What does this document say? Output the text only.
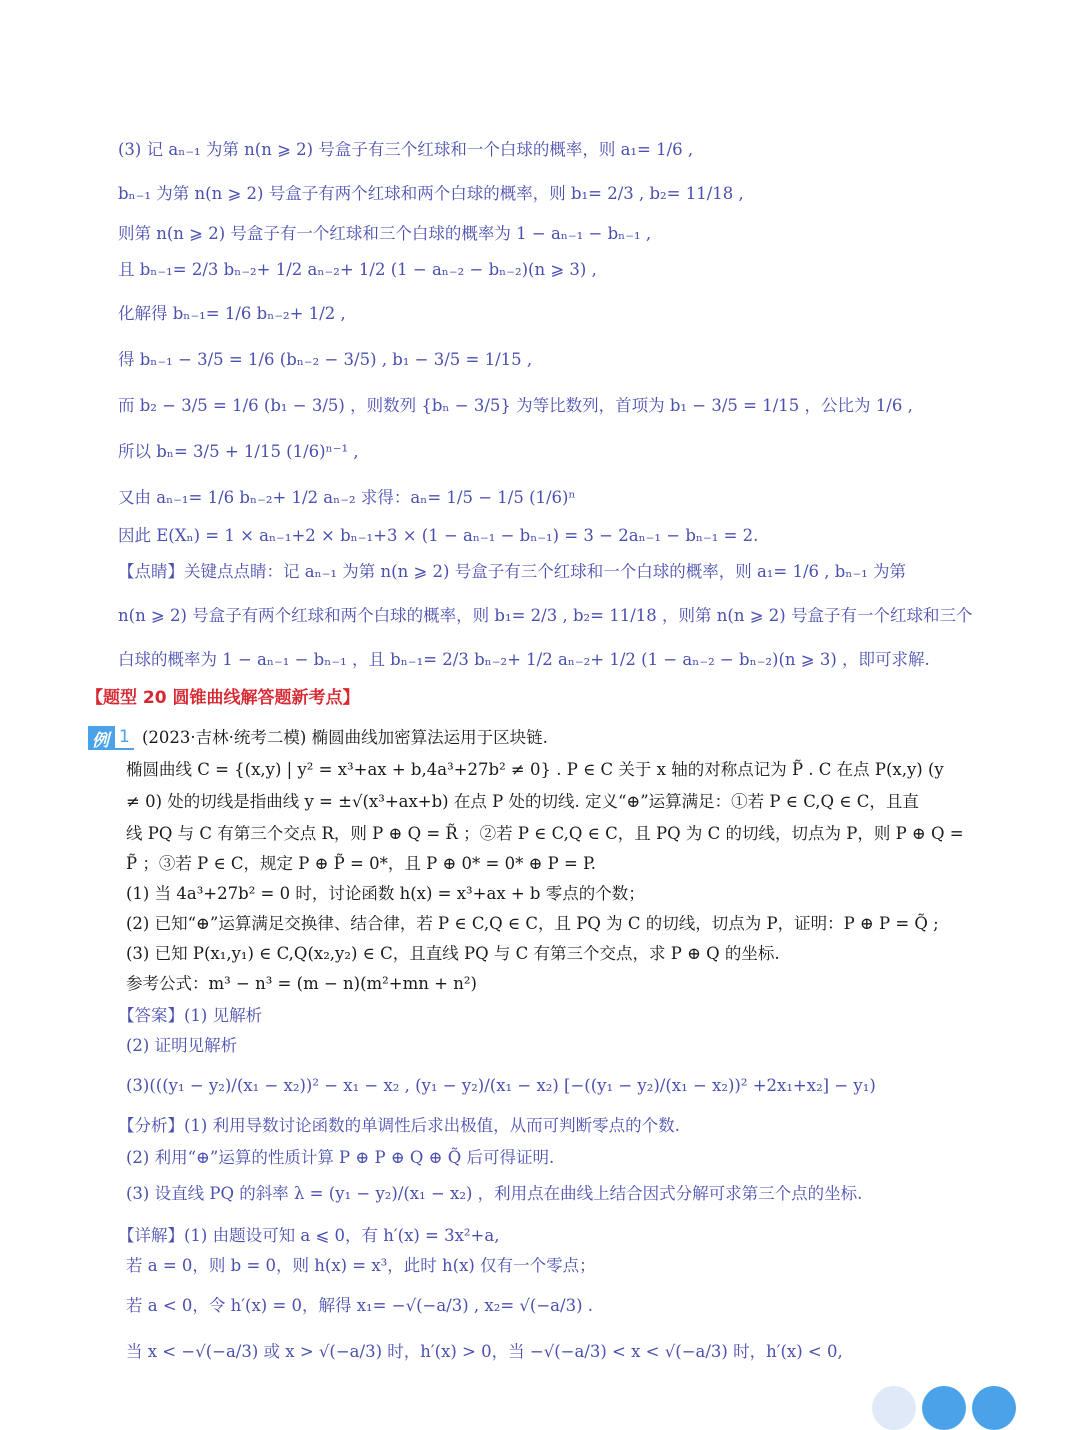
(3) 记 aₙ₋₁ 为第 n(n ⩾ 2) 号盒子有三个红球和一个白球的概率，则 a₁= 1/6 ,
bₙ₋₁ 为第 n(n ⩾ 2) 号盒子有两个红球和两个白球的概率，则 b₁= 2/3 , b₂= 11/18 ,
则第 n(n ⩾ 2) 号盒子有一个红球和三个白球的概率为 1 − aₙ₋₁ − bₙ₋₁ ,
且 bₙ₋₁= 2/3 bₙ₋₂+ 1/2 aₙ₋₂+ 1/2 (1 − aₙ₋₂ − bₙ₋₂)(n ⩾ 3) ,
化解得 bₙ₋₁= 1/6 bₙ₋₂+ 1/2 ,
得 bₙ₋₁ − 3/5 = 1/6 (bₙ₋₂ − 3/5) , b₁ − 3/5 = 1/15 ,
而 b₂ − 3/5 = 1/6 (b₁ − 3/5) ，则数列 {bₙ − 3/5} 为等比数列，首项为 b₁ − 3/5 = 1/15 ，公比为 1/6 ,
所以 bₙ= 3/5 + 1/15 (1/6)ⁿ⁻¹ ,
又由 aₙ₋₁= 1/6 bₙ₋₂+ 1/2 aₙ₋₂ 求得：aₙ= 1/5 − 1/5 (1/6)ⁿ
因此 E(Xₙ) = 1 × aₙ₋₁+2 × bₙ₋₁+3 × (1 − aₙ₋₁ − bₙ₋₁) = 3 − 2aₙ₋₁ − bₙ₋₁ = 2.
【点睛】关键点点睛：记 aₙ₋₁ 为第 n(n ⩾ 2) 号盒子有三个红球和一个白球的概率，则 a₁= 1/6 , bₙ₋₁ 为第
n(n ⩾ 2) 号盒子有两个红球和两个白球的概率，则 b₁= 2/3 , b₂= 11/18 ，则第 n(n ⩾ 2) 号盒子有一个红球和三个
白球的概率为 1 − aₙ₋₁ − bₙ₋₁ ，且 bₙ₋₁= 2/3 bₙ₋₂+ 1/2 aₙ₋₂+ 1/2 (1 − aₙ₋₂ − bₙ₋₂)(n ⩾ 3) ，即可求解.
【题型 20 圆锥曲线解答题新考点】
例 1 (2023·吉林·统考二模) 椭圆曲线加密算法运用于区块链.
椭圆曲线 C = {(x,y) | y² = x³+ax + b,4a³+27b² ≠ 0} . P ∈ C 关于 x 轴的对称点记为 P̃ . C 在点 P(x,y) (y
≠ 0) 处的切线是指曲线 y = ±√(x³+ax+b) 在点 P 处的切线. 定义“⊕”运算满足：①若 P ∈ C,Q ∈ C，且直
线 PQ 与 C 有第三个交点 R，则 P ⊕ Q = R̃ ；②若 P ∈ C,Q ∈ C，且 PQ 为 C 的切线，切点为 P，则 P ⊕ Q =
P̃ ；③若 P ∈ C，规定 P ⊕ P̃ = 0*，且 P ⊕ 0* = 0* ⊕ P = P.
(1) 当 4a³+27b² = 0 时，讨论函数 h(x) = x³+ax + b 零点的个数；
(2) 已知“⊕”运算满足交换律、结合律，若 P ∈ C,Q ∈ C，且 PQ 为 C 的切线，切点为 P，证明：P ⊕ P = Q̃ ;
(3) 已知 P(x₁,y₁) ∈ C,Q(x₂,y₂) ∈ C，且直线 PQ 与 C 有第三个交点，求 P ⊕ Q 的坐标.
参考公式：m³ − n³ = (m − n)(m²+mn + n²)
【答案】(1) 见解析
(2) 证明见解析
(3)(((y₁ − y₂)/(x₁ − x₂))² − x₁ − x₂ , (y₁ − y₂)/(x₁ − x₂) [−((y₁ − y₂)/(x₁ − x₂))² +2x₁+x₂] − y₁)
【分析】(1) 利用导数讨论函数的单调性后求出极值，从而可判断零点的个数.
(2) 利用“⊕”运算的性质计算 P ⊕ P ⊕ Q ⊕ Q̃ 后可得证明.
(3) 设直线 PQ 的斜率 λ = (y₁ − y₂)/(x₁ − x₂) ，利用点在曲线上结合因式分解可求第三个点的坐标.
【详解】(1) 由题设可知 a ⩽ 0，有 h′(x) = 3x²+a,
若 a = 0，则 b = 0，则 h(x) = x³，此时 h(x) 仅有一个零点；
若 a < 0，令 h′(x) = 0，解得 x₁= −√(−a/3) , x₂= √(−a/3) .
当 x < −√(−a/3) 或 x > √(−a/3) 时，h′(x) > 0，当 −√(−a/3) < x < √(−a/3) 时，h′(x) < 0,
